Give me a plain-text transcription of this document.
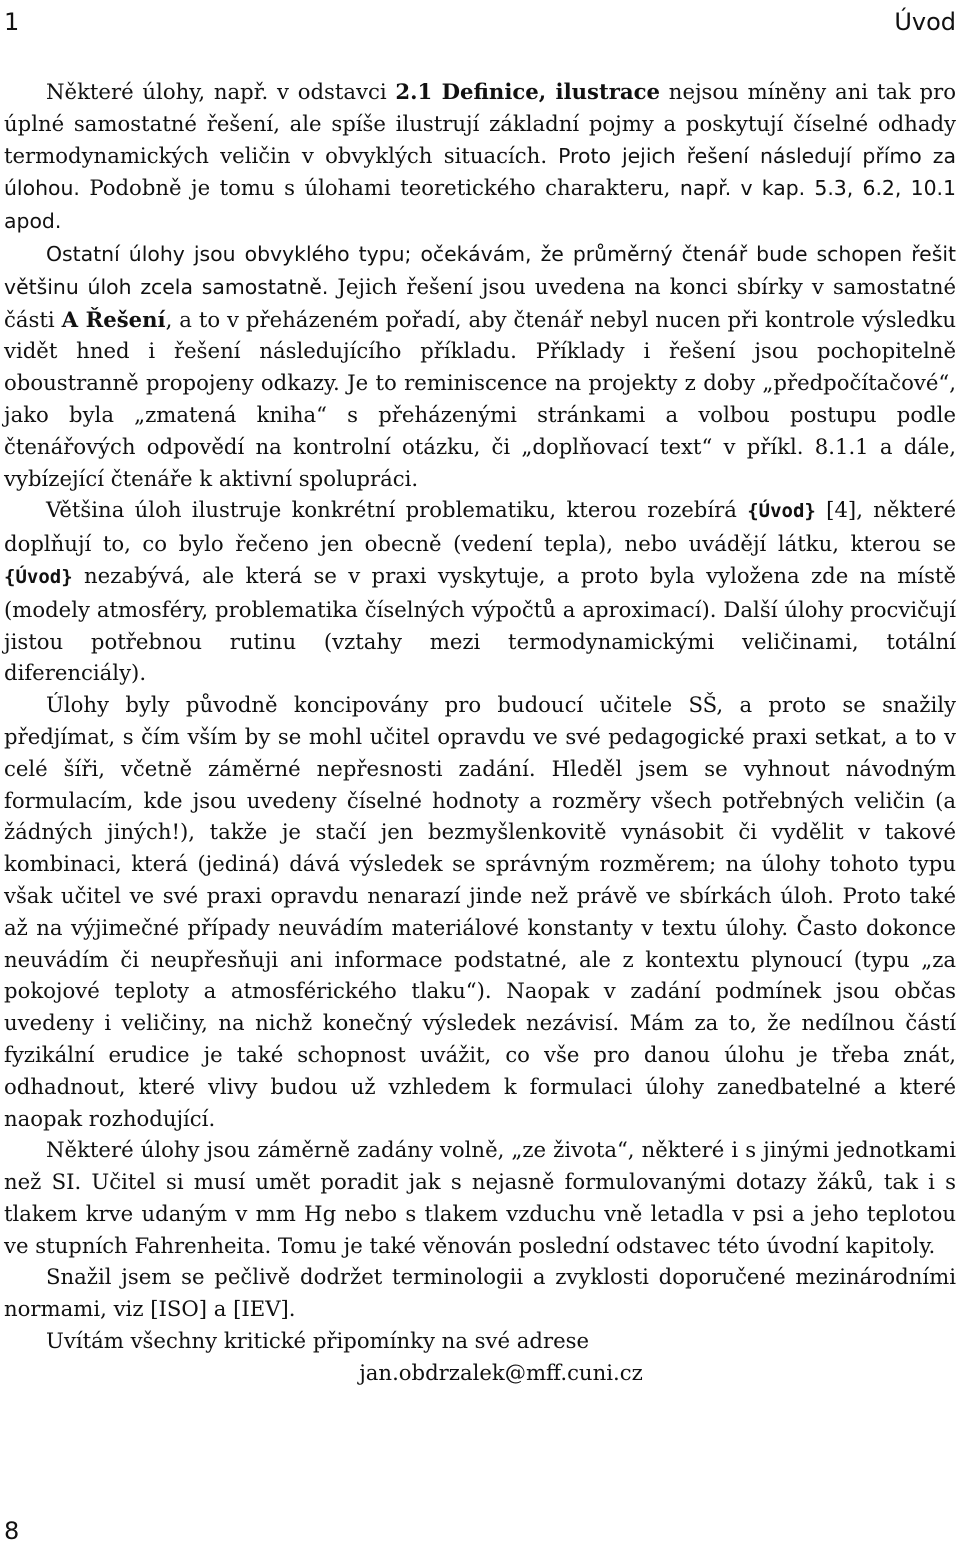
1	Úvod

Některé úlohy, např. v odstavci 2.1 Definice, ilustrace nejsou míněny ani tak pro úplné samostatné řešení, ale spíše ilustrují základní pojmy a poskytují číselné odhady termodynamických veličin v obvyklých situacích. Proto jejich řešení následují přímo za úlohou. Podobně je tomu s úlohami teoretického charakteru, např. v kap. 5.3, 6.2, 10.1 apod.

Ostatní úlohy jsou obvyklého typu; očekávám, že průměrný čtenář bude schopen řešit většinu úloh zcela samostatně. Jejich řešení jsou uvedena na konci sbírky v samostatné části A Řešení, a to v přeházeném pořadí, aby čtenář nebyl nucen při kontrole výsledku vidět hned i řešení následujícího příkladu. Příklady i řešení jsou pochopitelně oboustranně propojeny odkazy. Je to reminiscence na projekty z doby „předpočítačové“, jako byla „zmatená kniha“ s přeházenými stránkami a volbou postupu podle čtenářových odpovědí na kontrolní otázku, či „doplňovací text“ v příkl. 8.1.1 a dále, vybízející čtenáře k aktivní spolupráci.

Většina úloh ilustruje konkrétní problematiku, kterou rozebírá {Úvod} [4], některé doplňují to, co bylo řečeno jen obecně (vedení tepla), nebo uvádějí látku, kterou se {Úvod} nezabývá, ale která se v praxi vyskytuje, a proto byla vyložena zde na místě (modely atmosféry, problematika číselných výpočtů a aproximací). Další úlohy procvičují jistou potřebnou rutinu (vztahy mezi termodynamickými veličinami, totální diferenciály).

Úlohy byly původně koncipovány pro budoucí učitele SŠ, a proto se snažily předjímat, s čím vším by se mohl učitel opravdu ve své pedagogické praxi setkat, a to v celé šíři, včetně záměrné nepřesnosti zadání. Hleděl jsem se vyhnout návodným formulacím, kde jsou uvedeny číselné hodnoty a rozměry všech potřebných veličin (a žádných jiných!), takže je stačí jen bezmyšlenkovitě vynásobit či vydělit v takové kombinaci, která (jediná) dává výsledek se správným rozměrem; na úlohy tohoto typu však učitel ve své praxi opravdu nenarazí jinde než právě ve sbírkách úloh. Proto také až na výjimečné případy neuvádím materiálové konstanty v textu úlohy. Často dokonce neuvádím či neupřesňuji ani informace podstatné, ale z kontextu plynoucí (typu „za pokojové teploty a atmosférického tlaku“). Naopak v zadání podmínek jsou občas uvedeny i veličiny, na nichž konečný výsledek nezávisí. Mám za to, že nedílnou částí fyzikální erudice je také schopnost uvážit, co vše pro danou úlohu je třeba znát, odhadnout, které vlivy budou už vzhledem k formulaci úlohy zanedbatelné a které naopak rozhodující.

Některé úlohy jsou záměrně zadány volně, „ze života“, některé i s jinými jednotkami než SI. Učitel si musí umět poradit jak s nejasně formulovanými dotazy žáků, tak i s tlakem krve udaným v mm Hg nebo s tlakem vzduchu vně letadla v psi a jeho teplotou ve stupních Fahrenheita. Tomu je také věnován poslední odstavec této úvodní kapitoly.

Snažil jsem se pečlivě dodržet terminologii a zvyklosti doporučené mezinárodními normami, viz [ISO] a [IEV].

Uvítám všechny kritické připomínky na své adrese

jan.obdrzalek@mff.cuni.cz

8
